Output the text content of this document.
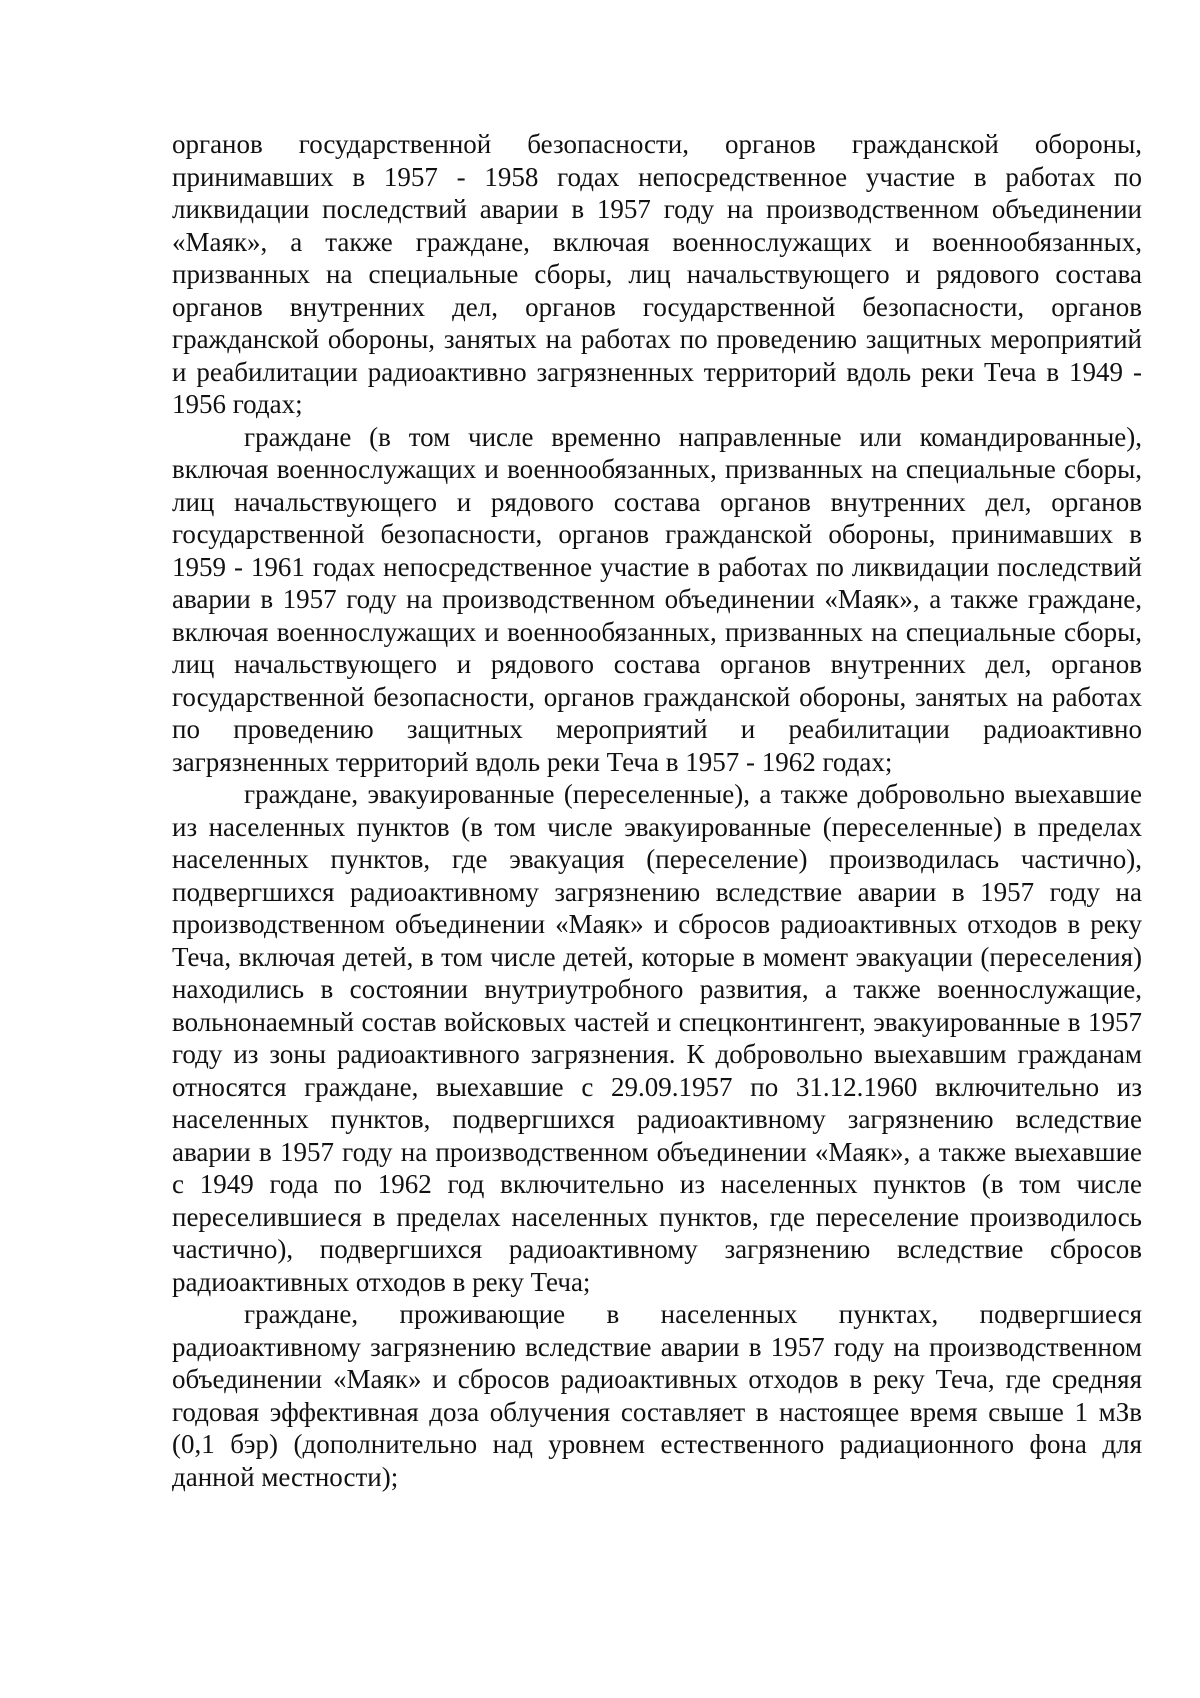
органов государственной безопасности, органов гражданской обороны, принимавших в 1957 - 1958 годах непосредственное участие в работах по ликвидации последствий аварии в 1957 году на производственном объединении «Маяк», а также граждане, включая военнослужащих и военнообязанных, призванных на специальные сборы, лиц начальствующего и рядового состава органов внутренних дел, органов государственной безопасности, органов гражданской обороны, занятых на работах по проведению защитных мероприятий и реабилитации радиоактивно загрязненных территорий вдоль реки Теча в 1949 - 1956 годах;

граждане (в том числе временно направленные или командированные), включая военнослужащих и военнообязанных, призванных на специальные сборы, лиц начальствующего и рядового состава органов внутренних дел, органов государственной безопасности, органов гражданской обороны, принимавших в 1959 - 1961 годах непосредственное участие в работах по ликвидации последствий аварии в 1957 году на производственном объединении «Маяк», а также граждане, включая военнослужащих и военнообязанных, призванных на специальные сборы, лиц начальствующего и рядового состава органов внутренних дел, органов государственной безопасности, органов гражданской обороны, занятых на работах по проведению защитных мероприятий и реабилитации радиоактивно загрязненных территорий вдоль реки Теча в 1957 - 1962 годах;

граждане, эвакуированные (переселенные), а также добровольно выехавшие из населенных пунктов (в том числе эвакуированные (переселенные) в пределах населенных пунктов, где эвакуация (переселение) производилась частично), подвергшихся радиоактивному загрязнению вследствие аварии в 1957 году на производственном объединении «Маяк» и сбросов радиоактивных отходов в реку Теча, включая детей, в том числе детей, которые в момент эвакуации (переселения) находились в состоянии внутриутробного развития, а также военнослужащие, вольнонаемный состав войсковых частей и спецконтингент, эвакуированные в 1957 году из зоны радиоактивного загрязнения. К добровольно выехавшим гражданам относятся граждане, выехавшие с 29.09.1957 по 31.12.1960 включительно из населенных пунктов, подвергшихся радиоактивному загрязнению вследствие аварии в 1957 году на производственном объединении «Маяк», а также выехавшие с 1949 года по 1962 год включительно из населенных пунктов (в том числе переселившиеся в пределах населенных пунктов, где переселение производилось частично), подвергшихся радиоактивному загрязнению вследствие сбросов радиоактивных отходов в реку Теча;

граждане, проживающие в населенных пунктах, подвергшиеся радиоактивному загрязнению вследствие аварии в 1957 году на производственном объединении «Маяк» и сбросов радиоактивных отходов в реку Теча, где средняя годовая эффективная доза облучения составляет в настоящее время свыше 1 мЗв (0,1 бэр) (дополнительно над уровнем естественного радиационного фона для данной местности);
